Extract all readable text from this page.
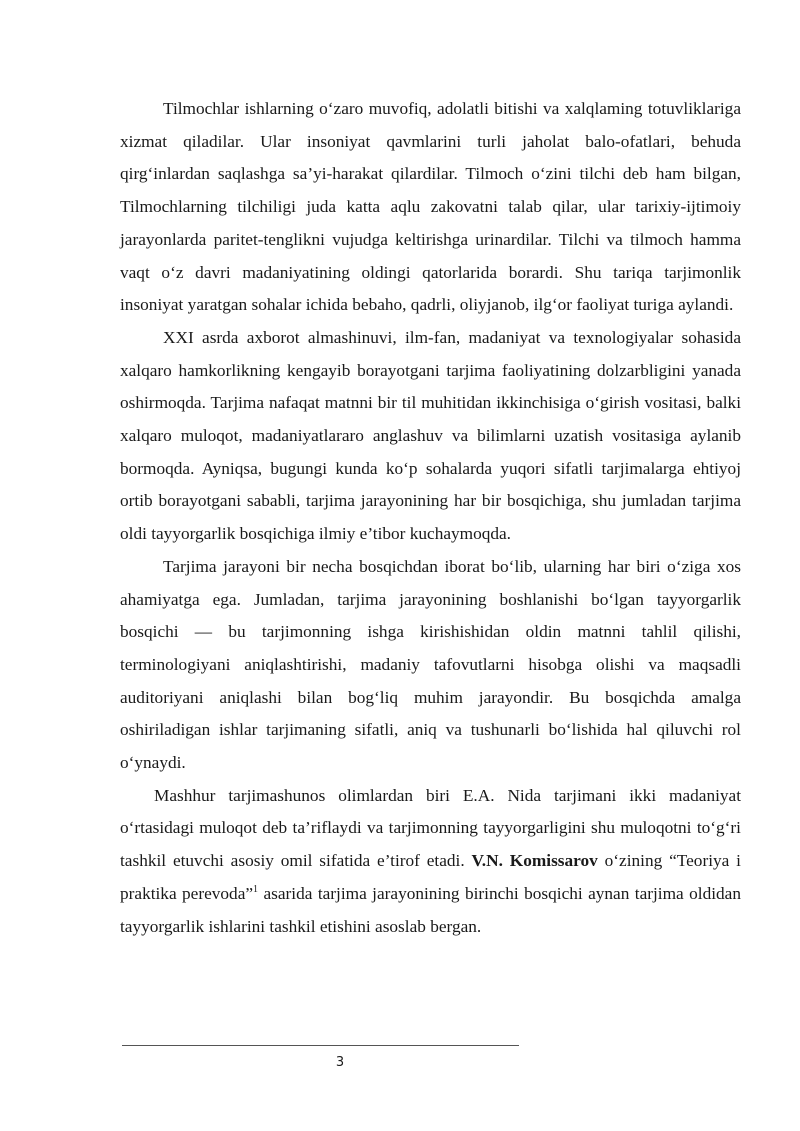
Tilmochlar ishlarning o‘zaro muvofiq, adolatli bitishi va xalqlaming totuvliklariga xizmat qiladilar. Ular insoniyat qavmlarini turli jaholat balo-ofatlari, behuda qirg‘inlardan saqlashga sa’yi-harakat qilardilar. Tilmoch o‘zini tilchi deb ham bilgan, Tilmochlarning tilchiligi juda katta aqlu zakovatni talab qilar, ular tarixiy-ijtimoiy jarayonlarda paritet-tenglikni vujudga keltirishga urinardilar. Tilchi va tilmoch hamma vaqt o‘z davri madaniyatining oldingi qatorlarida borardi. Shu tariqa tarjimonlik insoniyat yaratgan sohalar ichida bebaho, qadrli, oliyjanob, ilg‘or faoliyat turiga aylandi.

XXI asrda axborot almashinuvi, ilm-fan, madaniyat va texnologiyalar sohasida xalqaro hamkorlikning kengayib borayotgani tarjima faoliyatining dolzarbligini yanada oshirmoqda. Tarjima nafaqat matnni bir til muhitidan ikkinchisiga o‘girish vositasi, balki xalqaro muloqot, madaniyatlararo anglashuv va bilimlarni uzatish vositasiga aylanib bormoqda. Ayniqsa, bugungi kunda ko‘p sohalarda yuqori sifatli tarjimalarga ehtiyoj ortib borayotgani sababli, tarjima jarayonining har bir bosqichiga, shu jumladan tarjima oldi tayyorgarlik bosqichiga ilmiy e’tibor kuchaymoqda.

Tarjima jarayoni bir necha bosqichdan iborat bo‘lib, ularning har biri o‘ziga xos ahamiyatga ega. Jumladan, tarjima jarayonining boshlanishi bo‘lgan tayyorgarlik bosqichi — bu tarjimonning ishga kirishishidan oldin matnni tahlil qilishi, terminologiyani aniqlashtirishi, madaniy tafovutlarni hisobga olishi va maqsadli auditoriyani aniqlashi bilan bog‘liq muhim jarayondir. Bu bosqichda amalga oshiriladigan ishlar tarjimaning sifatli, aniq va tushunarli bo‘lishida hal qiluvchi rol o‘ynaydi.

Mashhur tarjimashunos olimlardan biri E.A. Nida tarjimani ikki madaniyat o‘rtasidagi muloqot deb ta’riflaydi va tarjimonning tayyorgarligini shu muloqotni to‘g‘ri tashkil etuvchi asosiy omil sifatida e’tirof etadi. V.N. Komissarov o‘zining “Teoriya i praktika perevoda”$^1$ asarida tarjima jarayonining birinchi bosqichi aynan tarjima oldidan tayyorgarlik ishlarini tashkil etishini asoslab bergan.

3
